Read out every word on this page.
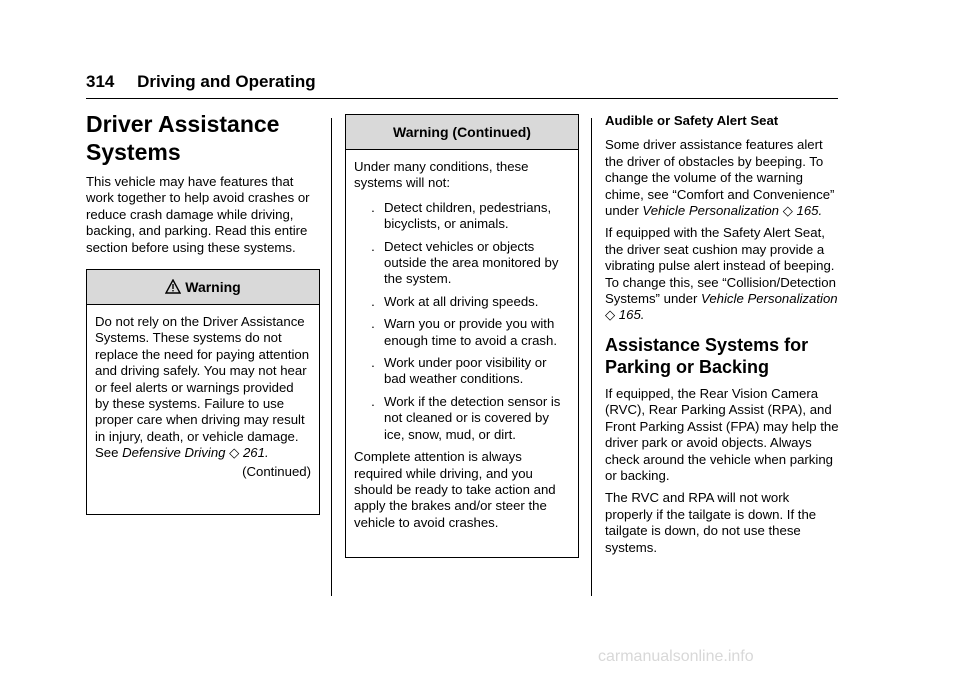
314 Driving and Operating
Driver Assistance
Systems

This vehicle may have features that work together to help avoid crashes or reduce crash damage while driving, backing, and parking. Read this entire section before using these systems.

Warning
Do not rely on the Driver Assistance Systems. These systems do not replace the need for paying attention and driving safely. You may not hear or feel alerts or warnings provided by these systems. Failure to use proper care when driving may result in injury, death, or vehicle damage. See Defensive Driving ◇ 261.
(Continued)
Warning (Continued)

Under many conditions, these systems will not:

. Detect children, pedestrians, bicyclists, or animals.
. Detect vehicles or objects outside the area monitored by the system.
. Work at all driving speeds.
. Warn you or provide you with enough time to avoid a crash.
. Work under poor visibility or bad weather conditions.
. Work if the detection sensor is not cleaned or is covered by ice, snow, mud, or dirt.

Complete attention is always required while driving, and you should be ready to take action and apply the brakes and/or steer the vehicle to avoid crashes.

Audible or Safety Alert Seat

Some driver assistance features alert the driver of obstacles by beeping. To change the volume of the warning chime, see “Comfort and Convenience” under Vehicle Personalization ◇ 165.

If equipped with the Safety Alert Seat, the driver seat cushion may provide a vibrating pulse alert instead of beeping. To change this, see “Collision/Detection Systems” under Vehicle Personalization ◇ 165.

Assistance Systems for
Parking or Backing

If equipped, the Rear Vision Camera (RVC), Rear Parking Assist (RPA), and Front Parking Assist (FPA) may help the driver park or avoid objects. Always check around the vehicle when parking or backing.

The RVC and RPA will not work properly if the tailgate is down. If the tailgate is down, do not use these systems.

carmanualsonline.info
